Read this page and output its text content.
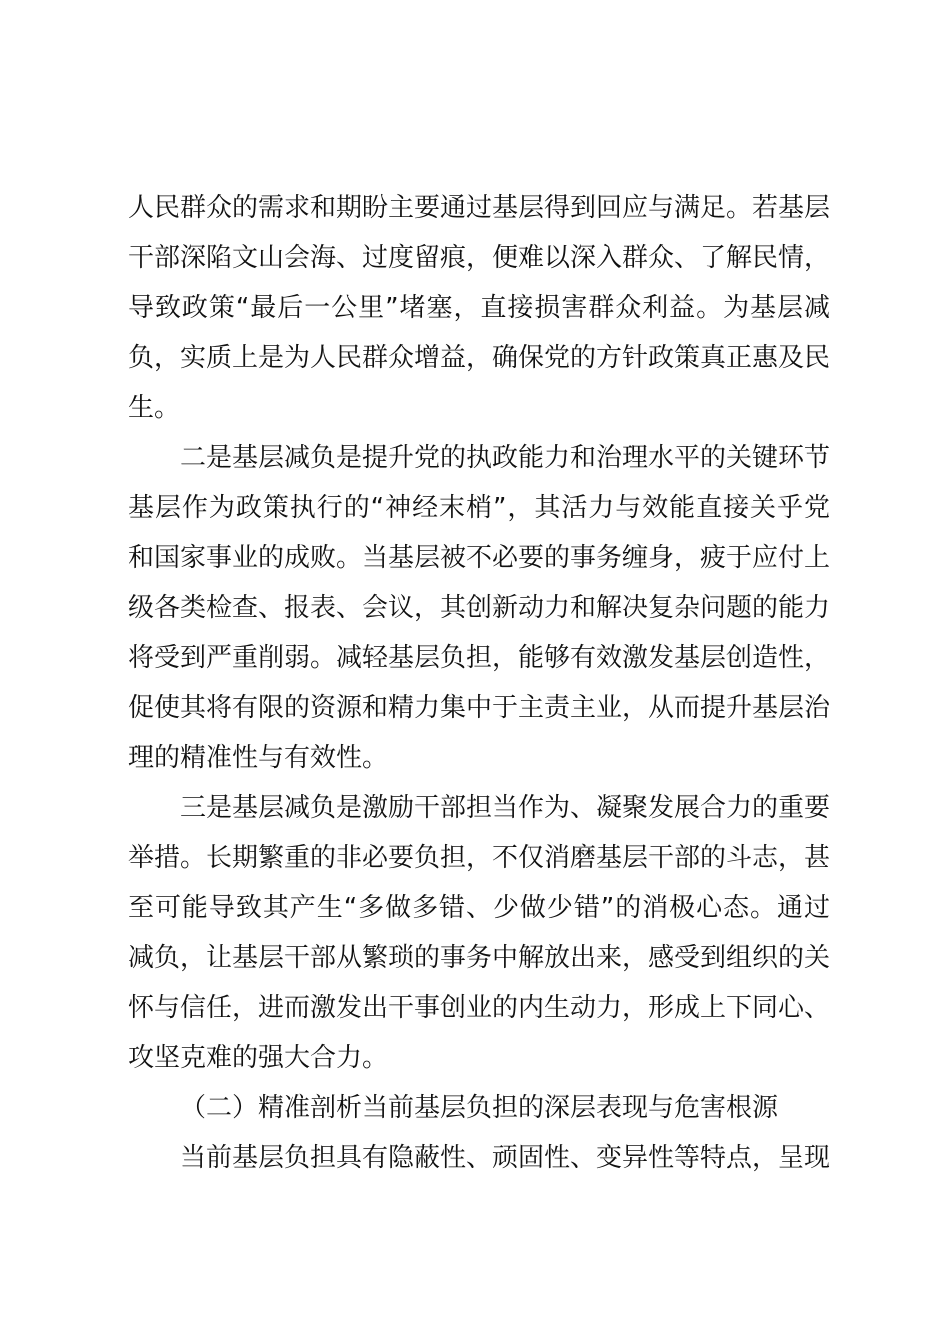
人民群众的需求和期盼主要通过基层得到回应与满足。若基层
干部深陷文山会海、过度留痕，便难以深入群众、了解民情，
导致政策“最后一公里”堵塞，直接损害群众利益。为基层减
负，实质上是为人民群众增益，确保党的方针政策真正惠及民
生。
二是基层减负是提升党的执政能力和治理水平的关键环节
基层作为政策执行的“神经末梢”，其活力与效能直接关乎党
和国家事业的成败。当基层被不必要的事务缠身，疲于应付上
级各类检查、报表、会议，其创新动力和解决复杂问题的能力
将受到严重削弱。减轻基层负担，能够有效激发基层创造性，
促使其将有限的资源和精力集中于主责主业，从而提升基层治
理的精准性与有效性。
三是基层减负是激励干部担当作为、凝聚发展合力的重要
举措。长期繁重的非必要负担，不仅消磨基层干部的斗志，甚
至可能导致其产生“多做多错、少做少错”的消极心态。通过
减负，让基层干部从繁琐的事务中解放出来，感受到组织的关
怀与信任，进而激发出干事创业的内生动力，形成上下同心、
攻坚克难的强大合力。
（二）精准剖析当前基层负担的深层表现与危害根源
当前基层负担具有隐蔽性、顽固性、变异性等特点，呈现
